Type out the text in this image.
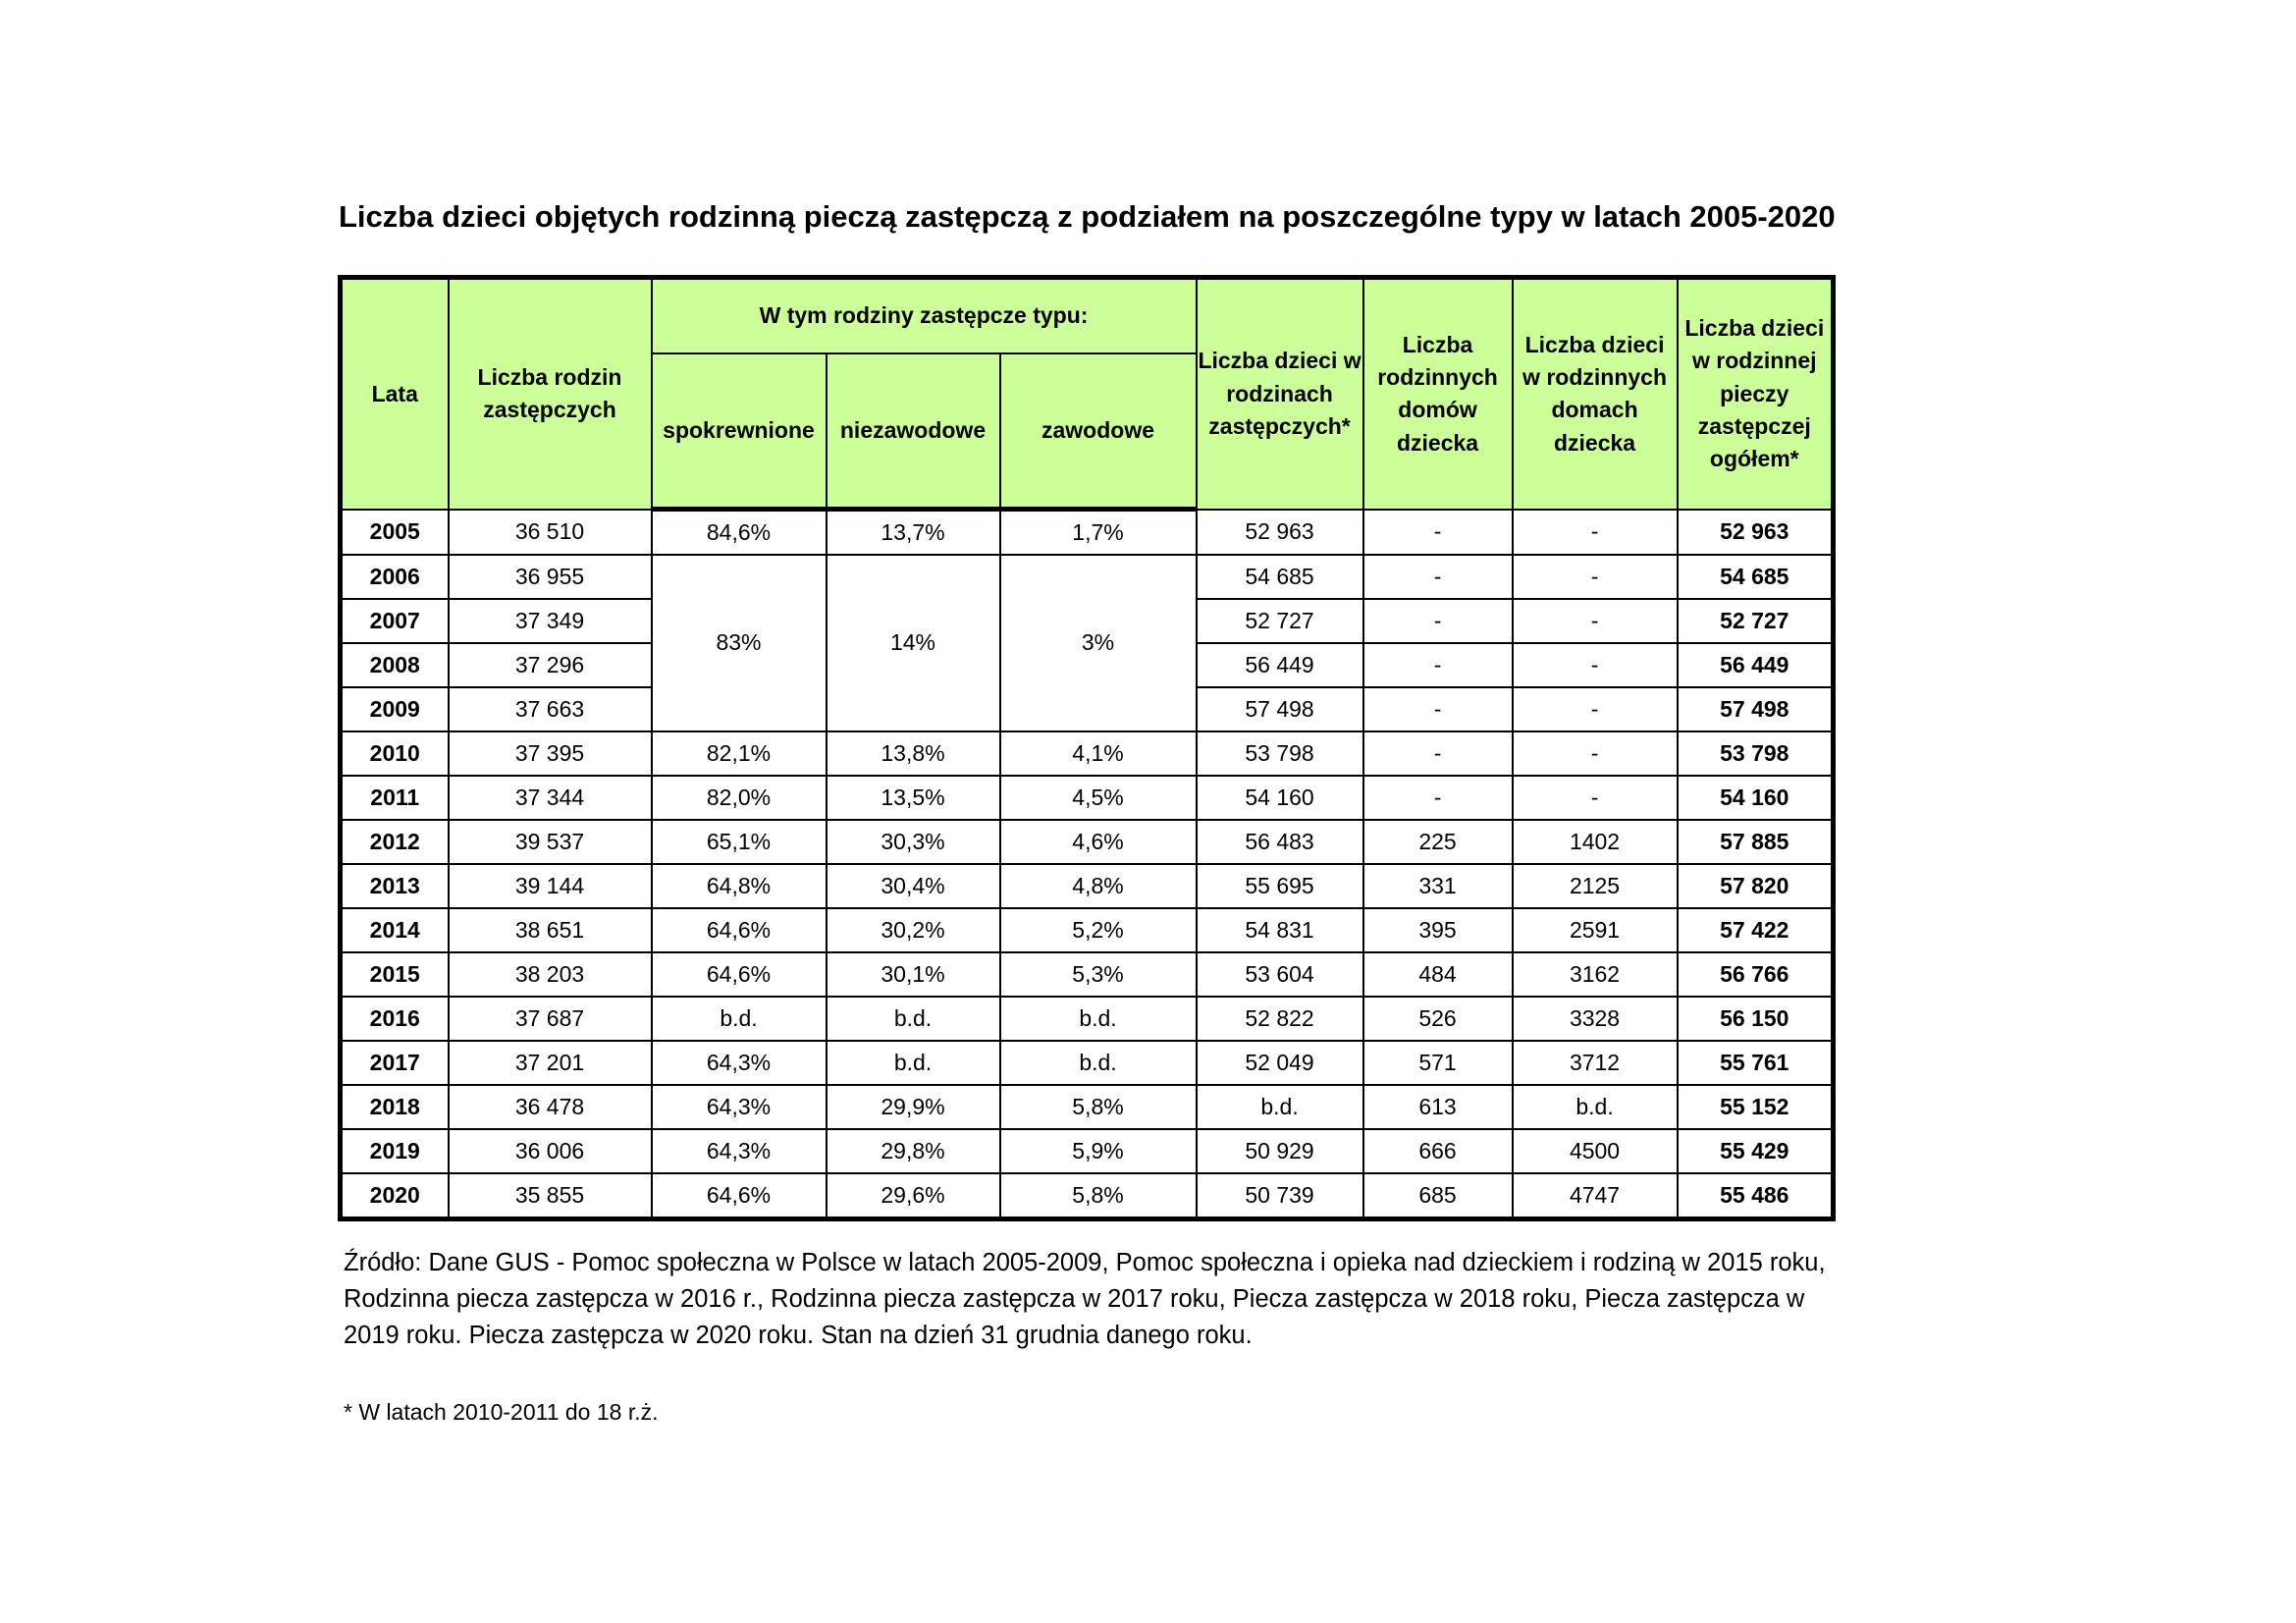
Liczba dzieci objętych rodzinną pieczą zastępczą z podziałem na poszczególne typy w latach 2005-2020
Lata	Liczba rodzin zastępczych	W tym rodziny zastępcze typu:			Liczba dzieci w rodzinach zastępczych*	Liczba rodzinnych domów dziecka	Liczba dzieci w rodzinnych domach dziecka	Liczba dzieci w rodzinnej pieczy zastępczej ogółem*
		spokrewnione	niezawodowe	zawodowe				
2005	36 510	84,6%	13,7%	1,7%	52 963	-	-	52 963
2006	36 955	83%	14%	3%	54 685	-	-	54 685
2007	37 349				52 727	-	-	52 727
2008	37 296				56 449	-	-	56 449
2009	37 663				57 498	-	-	57 498
2010	37 395	82,1%	13,8%	4,1%	53 798	-	-	53 798
2011	37 344	82,0%	13,5%	4,5%	54 160	-	-	54 160
2012	39 537	65,1%	30,3%	4,6%	56 483	225	1402	57 885
2013	39 144	64,8%	30,4%	4,8%	55 695	331	2125	57 820
2014	38 651	64,6%	30,2%	5,2%	54 831	395	2591	57 422
2015	38 203	64,6%	30,1%	5,3%	53 604	484	3162	56 766
2016	37 687	b.d.	b.d.	b.d.	52 822	526	3328	56 150
2017	37 201	64,3%	b.d.	b.d.	52 049	571	3712	55 761
2018	36 478	64,3%	29,9%	5,8%	b.d.	613	b.d.	55 152
2019	36 006	64,3%	29,8%	5,9%	50 929	666	4500	55 429
2020	35 855	64,6%	29,6%	5,8%	50 739	685	4747	55 486
Źródło: Dane GUS - Pomoc społeczna w Polsce w latach 2005-2009, Pomoc społeczna i opieka nad dzieckiem i rodziną w 2015 roku, Rodzinna piecza zastępcza w 2016 r., Rodzinna piecza zastępcza w 2017 roku, Piecza zastępcza w 2018 roku, Piecza zastępcza w 2019 roku. Piecza zastępcza w 2020 roku. Stan na dzień 31 grudnia danego roku.
* W latach 2010-2011 do 18 r.ż.
